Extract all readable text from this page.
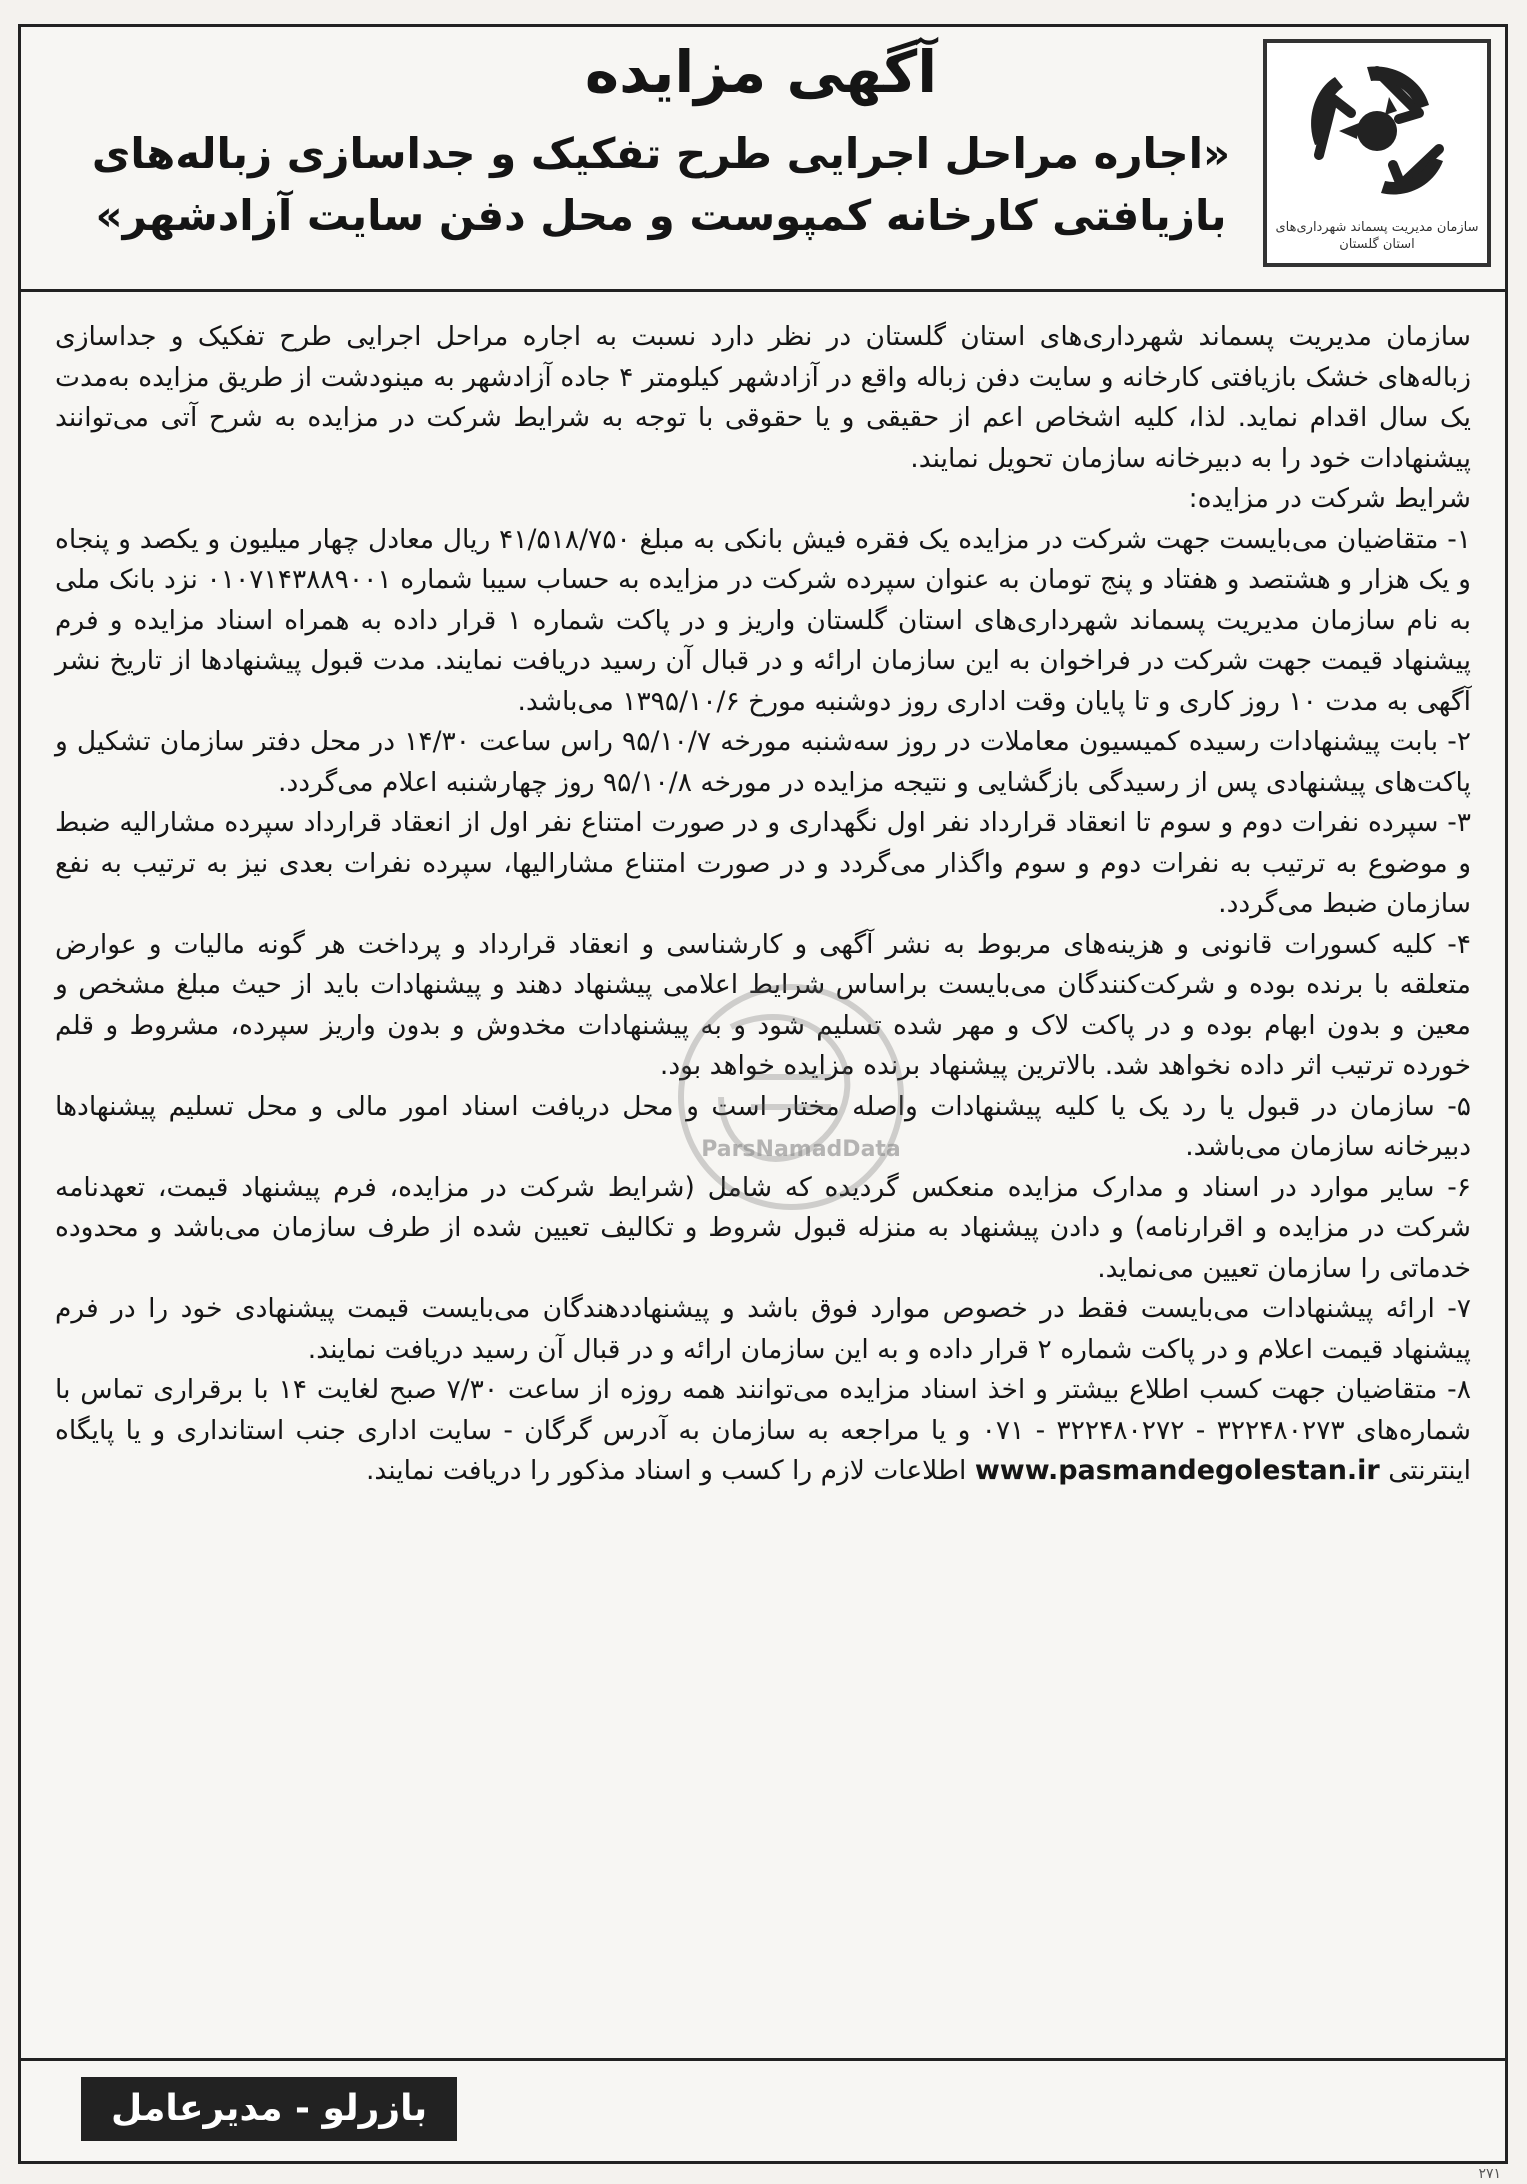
آگهی مزایده
«اجاره مراحل اجرایی طرح تفکیک و جداسازی زباله‌های بازیافتی کارخانه کمپوست و محل دفن سایت آزادشهر»	سازمان مدیریت پسماند شهرداری‌های استان گلستان

سازمان مدیریت پسماند شهرداری‌های استان گلستان در نظر دارد نسبت به اجاره مراحل اجرایی طرح تفکیک و جداسازی زباله‌های خشک بازیافتی کارخانه و سایت دفن زباله واقع در آزادشهر کیلومتر ۴ جاده آزادشهر به مینودشت از طریق مزایده به‌مدت یک سال اقدام نماید. لذا، کلیه اشخاص اعم از حقیقی و یا حقوقی با توجه به شرایط شرکت در مزایده به شرح آتی می‌توانند پیشنهادات خود را به دبیرخانه سازمان تحویل نمایند.

شرایط شرکت در مزایده:

۱- متقاضیان می‌بایست جهت شرکت در مزایده یک فقره فیش بانکی به مبلغ ۴۱/۵۱۸/۷۵۰ ریال معادل چهار میلیون و یکصد و پنجاه و یک هزار و هشتصد و هفتاد و پنج تومان به عنوان سپرده شرکت در مزایده به حساب سیبا شماره ۰۱۰۷۱۴۳۸۸۹۰۰۱ نزد بانک ملی به نام سازمان مدیریت پسماند شهرداری‌های استان گلستان واریز و در پاکت شماره ۱ قرار داده به همراه اسناد مزایده و فرم پیشنهاد قیمت جهت شرکت در فراخوان به این سازمان ارائه و در قبال آن رسید دریافت نمایند. مدت قبول پیشنهادها از تاریخ نشر آگهی به مدت ۱۰ روز کاری و تا پایان وقت اداری روز دوشنبه مورخ ۱۳۹۵/۱۰/۶ می‌باشد.

۲- بابت پیشنهادات رسیده کمیسیون معاملات در روز سه‌شنبه مورخه ۹۵/۱۰/۷ راس ساعت ۱۴/۳۰ در محل دفتر سازمان تشکیل و پاکت‌های پیشنهادی پس از رسیدگی بازگشایی و نتیجه مزایده در مورخه ۹۵/۱۰/۸ روز چهارشنبه اعلام می‌گردد.

۳- سپرده نفرات دوم و سوم تا انعقاد قرارداد نفر اول نگهداری و در صورت امتناع نفر اول از انعقاد قرارداد سپرده مشارالیه ضبط و موضوع به ترتیب به نفرات دوم و سوم واگذار می‌گردد و در صورت امتناع مشارالیها، سپرده نفرات بعدی نیز به ترتیب به نفع سازمان ضبط می‌گردد.

۴- کلیه کسورات قانونی و هزینه‌های مربوط به نشر آگهی و کارشناسی و انعقاد قرارداد و پرداخت هر گونه مالیات و عوارض متعلقه با برنده بوده و شرکت‌کنندگان می‌بایست براساس شرایط اعلامی پیشنهاد دهند و پیشنهادات باید از حیث مبلغ مشخص و معین و بدون ابهام بوده و در پاکت لاک و مهر شده تسلیم شود و به پیشنهادات مخدوش و بدون واریز سپرده، مشروط و قلم خورده ترتیب اثر داده نخواهد شد. بالاترین پیشنهاد برنده مزایده خواهد بود.

۵- سازمان در قبول یا رد یک یا کلیه پیشنهادات واصله مختار است و محل دریافت اسناد امور مالی و محل تسلیم پیشنهادها دبیرخانه سازمان می‌باشد.

۶- سایر موارد در اسناد و مدارک مزایده منعکس گردیده که شامل (شرایط شرکت در مزایده، فرم پیشنهاد قیمت، تعهدنامه شرکت در مزایده و اقرارنامه) و دادن پیشنهاد به منزله قبول شروط و تکالیف تعیین شده از طرف سازمان می‌باشد و محدوده خدماتی را سازمان تعیین می‌نماید.

۷- ارائه پیشنهادات می‌بایست فقط در خصوص موارد فوق باشد و پیشنهاددهندگان می‌بایست قیمت پیشنهادی خود را در فرم پیشنهاد قیمت اعلام و در پاکت شماره ۲ قرار داده و به این سازمان ارائه و در قبال آن رسید دریافت نمایند.

۸- متقاضیان جهت کسب اطلاع بیشتر و اخذ اسناد مزایده می‌توانند همه روزه از ساعت ۷/۳۰ صبح لغایت ۱۴ با برقراری تماس با شماره‌های ۳۲۲۴۸۰۲۷۳ - ۳۲۲۴۸۰۲۷۲ - ۰۷۱ و یا مراجعه به سازمان به آدرس گرگان - سایت اداری جنب استانداری و یا پایگاه اینترنتی www.pasmandegolestan.ir اطلاعات لازم را کسب و اسناد مذکور را دریافت نمایند.

ParsNamadData
بازرلو - مدیرعامل
۲۷۱
